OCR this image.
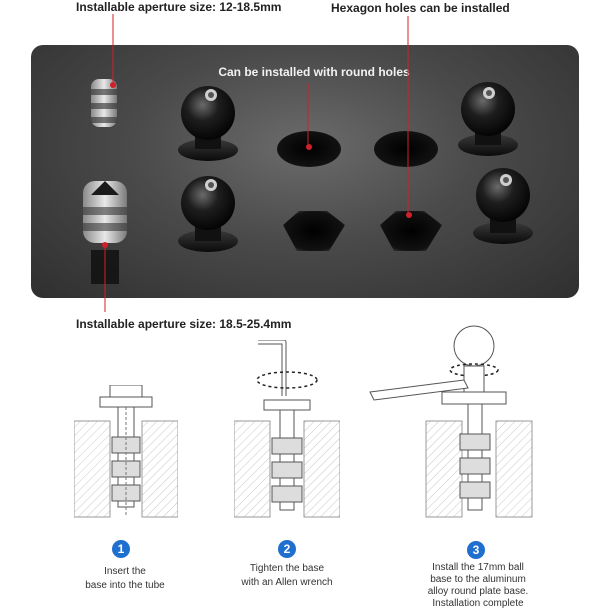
Installable aperture size: 12-18.5mm	Hexagon holes can be installed
Can be installed with round holes
Installable aperture size: 18.5-25.4mm
1
Insert the
base into the tube
2
Tighten the base
with an Allen wrench
3
Install the 17mm ball
base to the aluminum
alloy round plate base.
Installation complete
